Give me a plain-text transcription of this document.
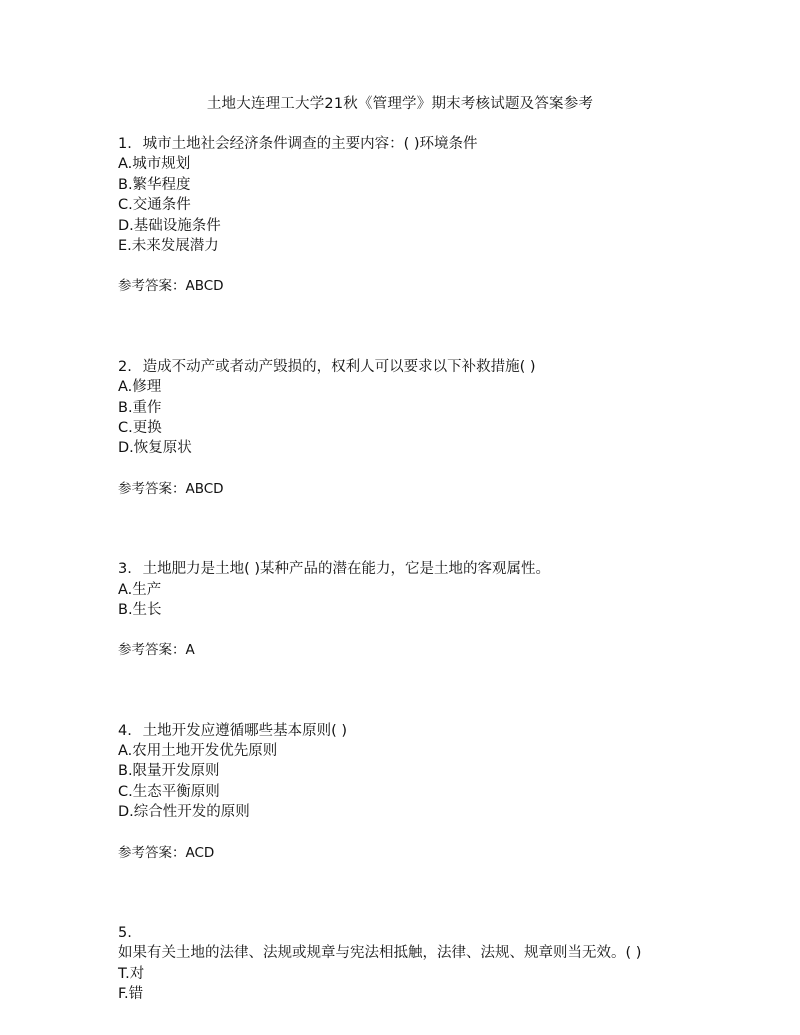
土地大连理工大学21秋《管理学》期末考核试题及答案参考
1. 城市土地社会经济条件调查的主要内容：( )环境条件
A.城市规划
B.繁华程度
C.交通条件
D.基础设施条件
E.未来发展潜力
参考答案：ABCD
2. 造成不动产或者动产毁损的，权利人可以要求以下补救措施( )
A.修理
B.重作
C.更换
D.恢复原状
参考答案：ABCD
3. 土地肥力是土地( )某种产品的潜在能力，它是土地的客观属性。
A.生产
B.生长
参考答案：A
4. 土地开发应遵循哪些基本原则( )
A.农用土地开发优先原则
B.限量开发原则
C.生态平衡原则
D.综合性开发的原则
参考答案：ACD
5.
如果有关土地的法律、法规或规章与宪法相抵触，法律、法规、规章则当无效。( )
T.对
F.错
